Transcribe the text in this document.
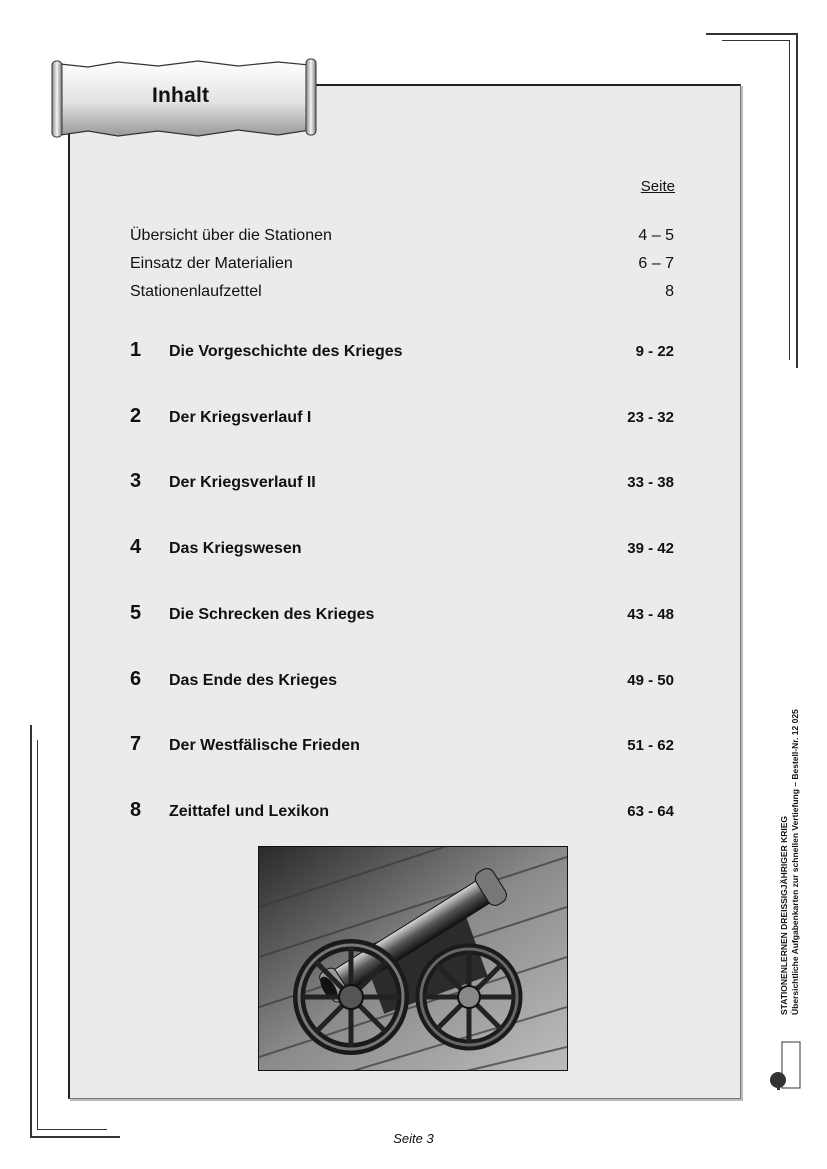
Inhalt
Seite
Übersicht über die Stationen	4 – 5
Einsatz der Materialien	6 – 7
Stationenlaufzettel	8
1 Die Vorgeschichte des Krieges	9 - 22
2 Der Kriegsverlauf I	23 - 32
3 Der Kriegsverlauf II	33 - 38
4 Das Kriegswesen	39 - 42
5 Die Schrecken des Krieges	43 - 48
6 Das Ende des Krieges	49 - 50
7 Der Westfälische Frieden	51 - 62
8 Zeittafel und Lexikon	63 - 64
STATIONENLERNEN DREISSIGJÄHRIGER KRIEG Übersichtliche Aufgabenkarten zur schnellen Vertiefung – Bestell-Nr. 12 025
Seite 3
